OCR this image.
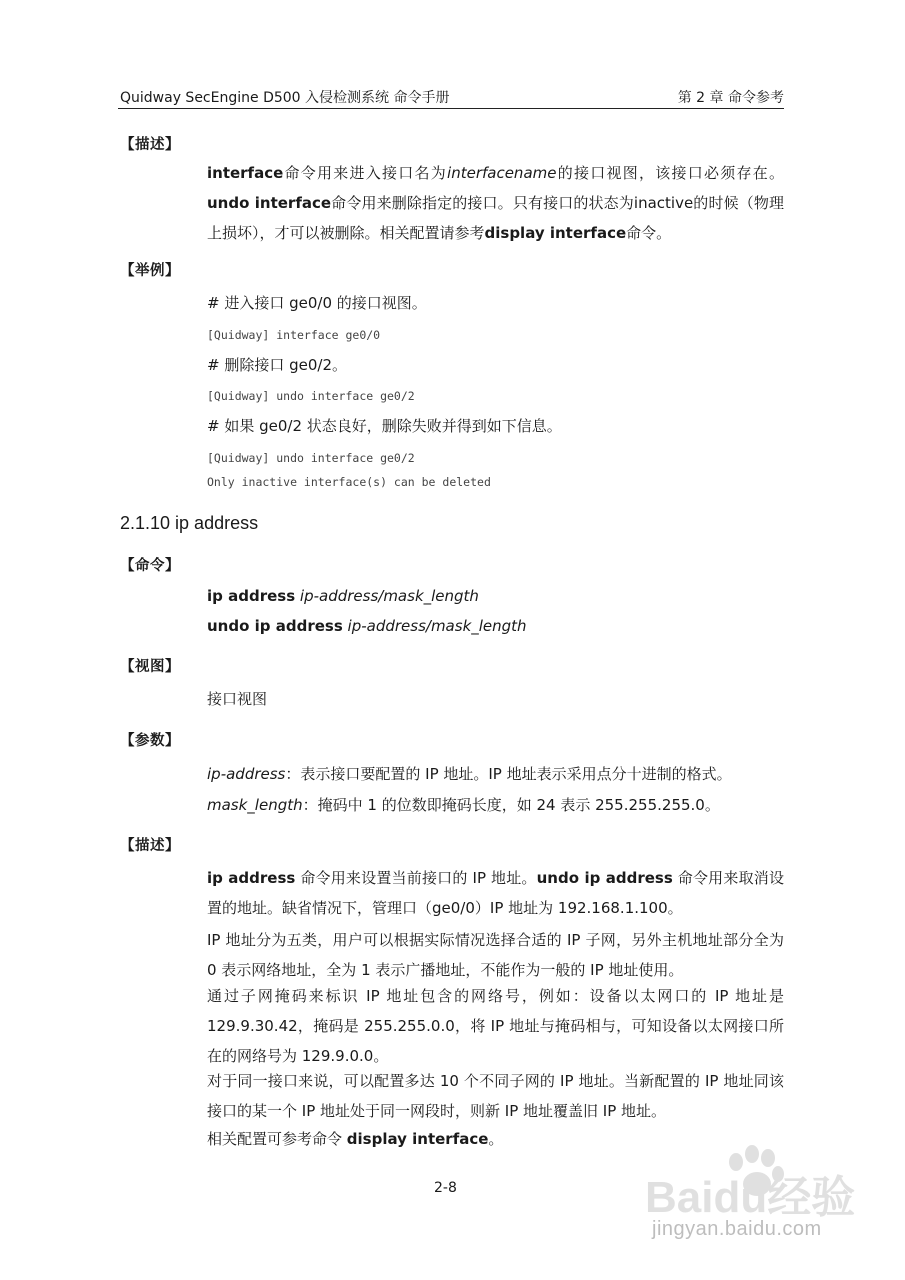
Quidway SecEngine D500 入侵检测系统 命令手册	第 2 章 命令参考
【描述】
interface命令用来进入接口名为interfacename的接口视图，该接口必须存在。undo interface命令用来删除指定的接口。只有接口的状态为inactive的时候（物理上损坏），才可以被删除。相关配置请参考display interface命令。
【举例】
# 进入接口 ge0/0 的接口视图。
[Quidway] interface ge0/0
# 删除接口 ge0/2。
[Quidway] undo interface ge0/2
# 如果 ge0/2 状态良好，删除失败并得到如下信息。
[Quidway] undo interface ge0/2
Only inactive interface(s) can be deleted
2.1.10 ip address
【命令】
ip address ip-address/mask_length
undo ip address ip-address/mask_length
【视图】
接口视图
【参数】
ip-address：表示接口要配置的 IP 地址。IP 地址表示采用点分十进制的格式。
mask_length：掩码中 1 的位数即掩码长度，如 24 表示 255.255.255.0。
【描述】
ip address 命令用来设置当前接口的 IP 地址。undo ip address 命令用来取消设置的地址。缺省情况下，管理口（ge0/0）IP 地址为 192.168.1.100。
IP 地址分为五类，用户可以根据实际情况选择合适的 IP 子网，另外主机地址部分全为 0 表示网络地址，全为 1 表示广播地址，不能作为一般的 IP 地址使用。
通过子网掩码来标识 IP 地址包含的网络号，例如：设备以太网口的 IP 地址是 129.9.30.42，掩码是 255.255.0.0，将 IP 地址与掩码相与，可知设备以太网接口所在的网络号为 129.9.0.0。
对于同一接口来说，可以配置多达 10 个不同子网的 IP 地址。当新配置的 IP 地址同该接口的某一个 IP 地址处于同一网段时，则新 IP 地址覆盖旧 IP 地址。
相关配置可参考命令 display interface。
2-8	Baidu经验
jingyan.baidu.com
